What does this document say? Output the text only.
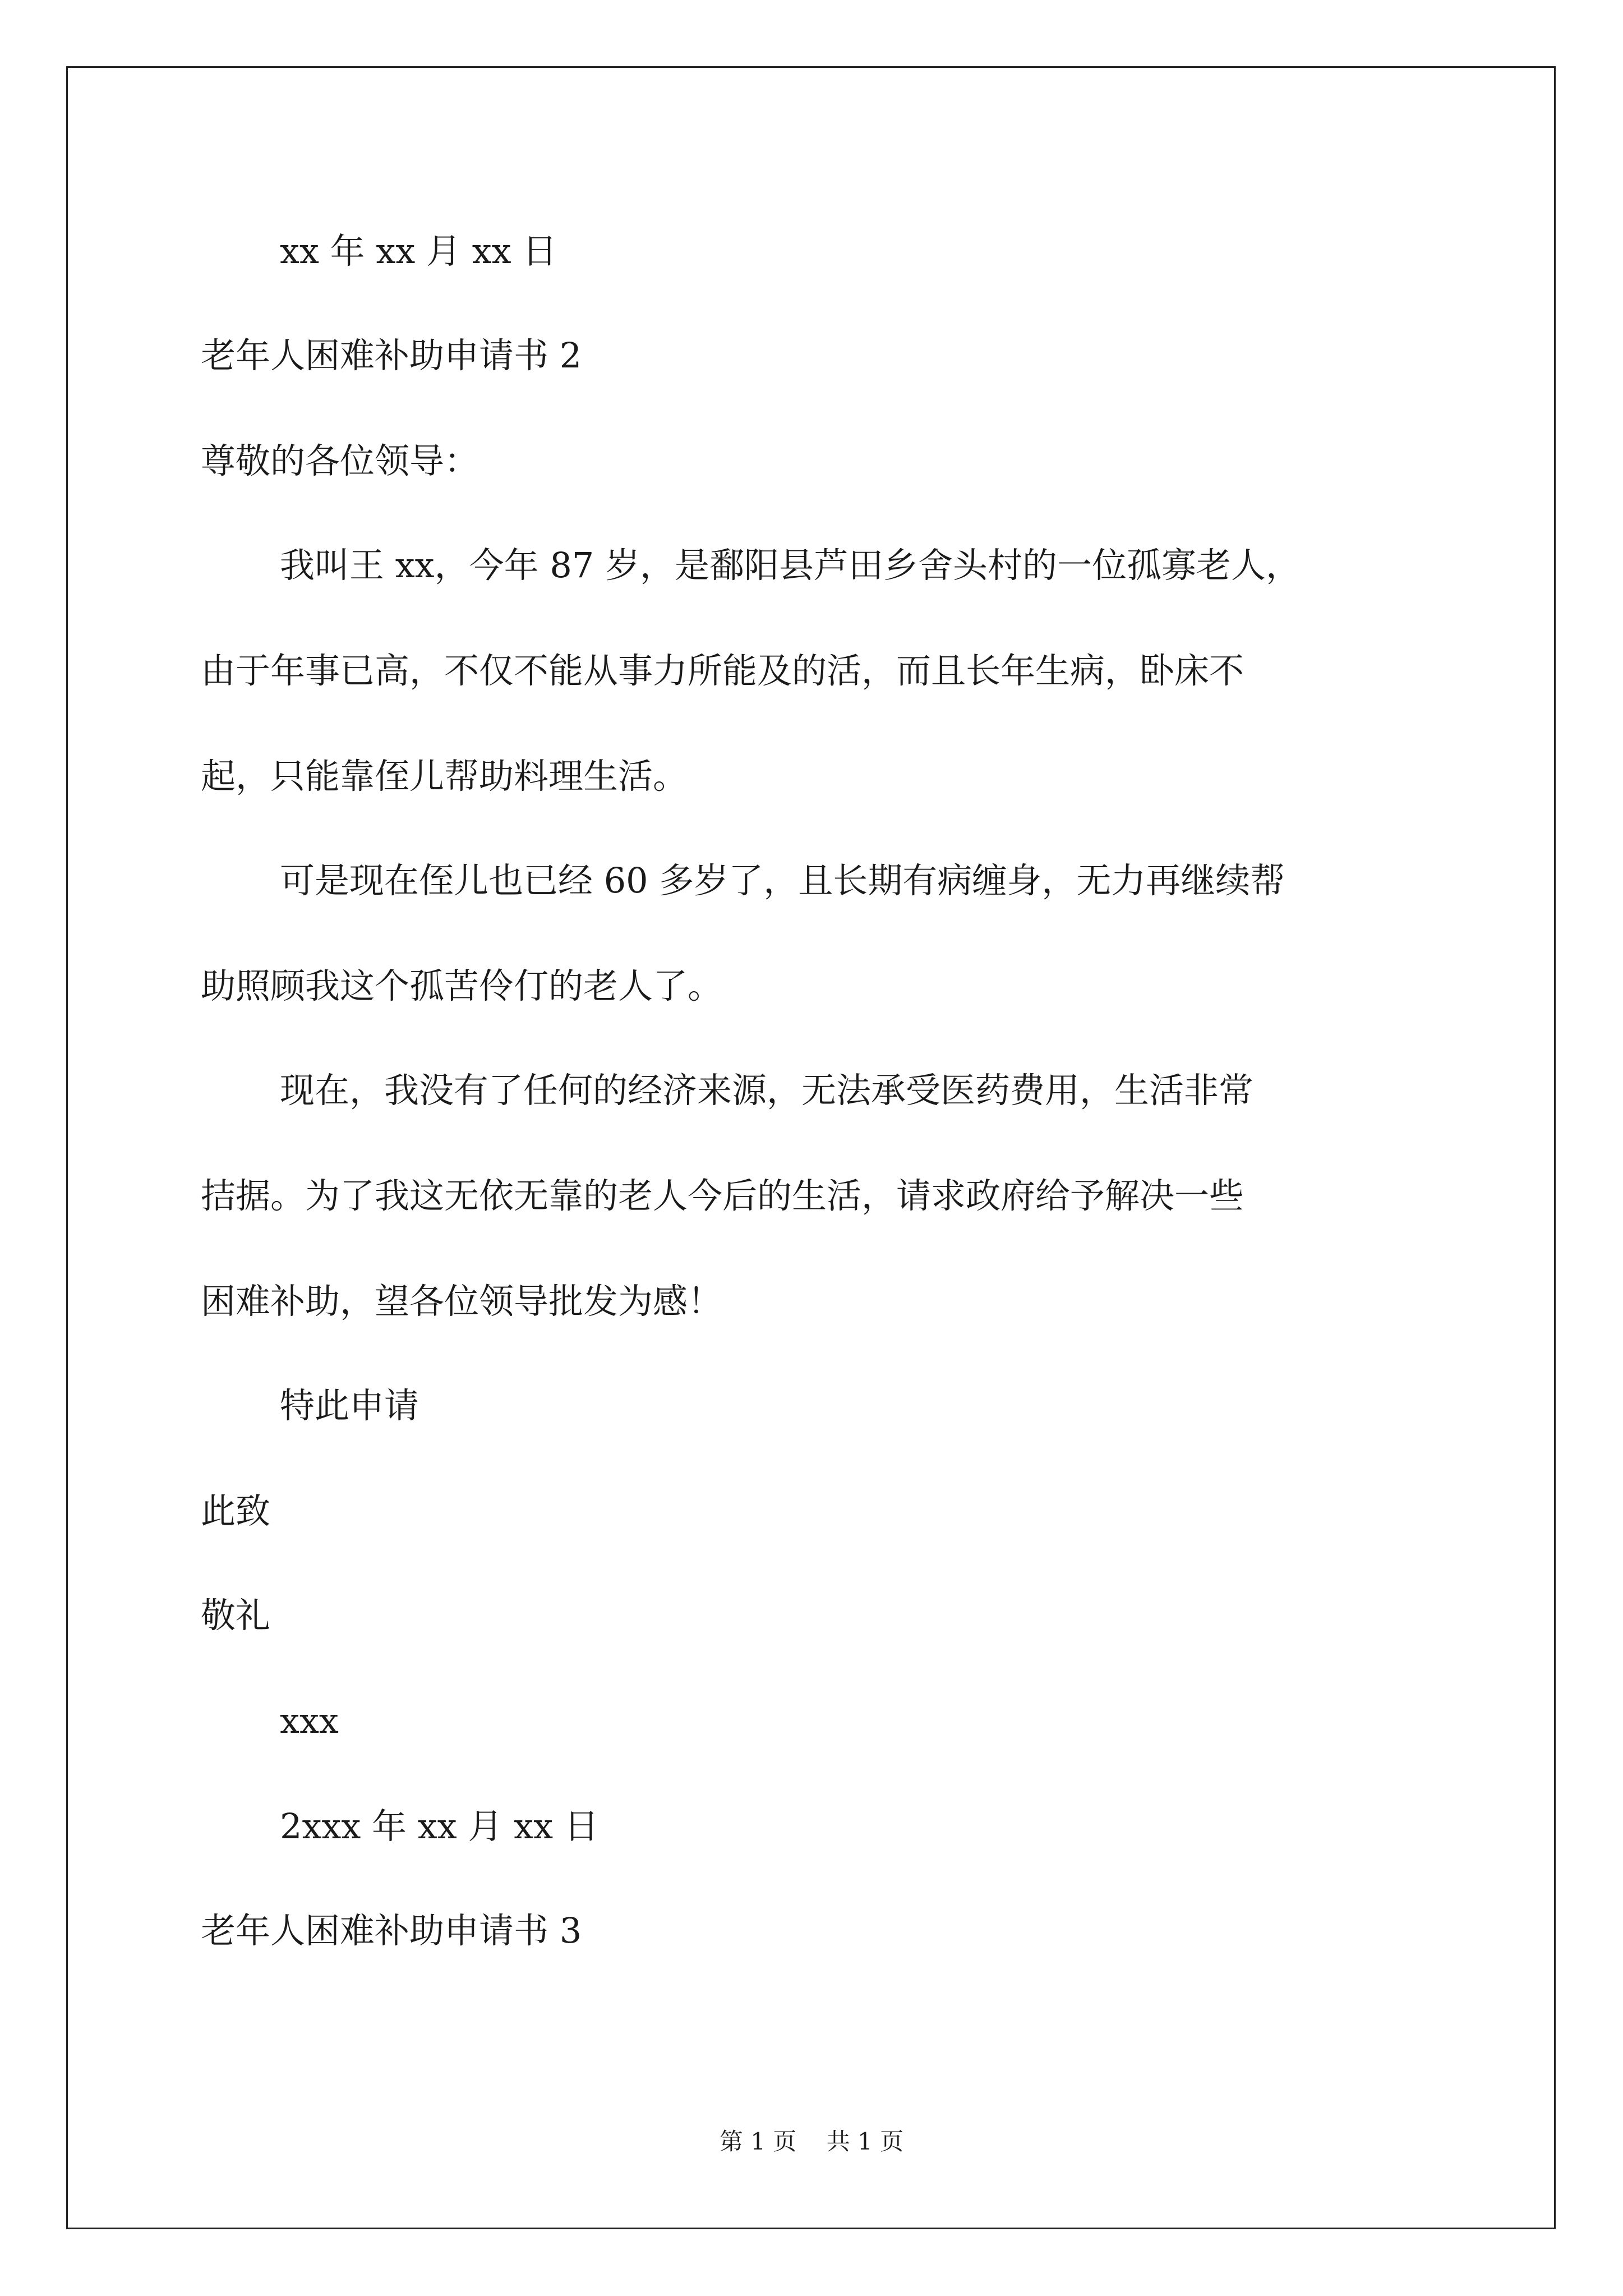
xx 年 xx 月 xx 日
老年人困难补助申请书 2
尊敬的各位领导：
我叫王 xx，今年 87 岁，是鄱阳县芦田乡舍头村的一位孤寡老人，
由于年事已高，不仅不能从事力所能及的活，而且长年生病，卧床不
起，只能靠侄儿帮助料理生活。
可是现在侄儿也已经 60 多岁了，且长期有病缠身，无力再继续帮
助照顾我这个孤苦伶仃的老人了。
现在，我没有了任何的经济来源，无法承受医药费用，生活非常
拮据。为了我这无依无靠的老人今后的生活，请求政府给予解决一些
困难补助，望各位领导批发为感！
特此申请
此致
敬礼
xxx
2xxx 年 xx 月 xx 日
老年人困难补助申请书 3
第 1 页    共 1 页
